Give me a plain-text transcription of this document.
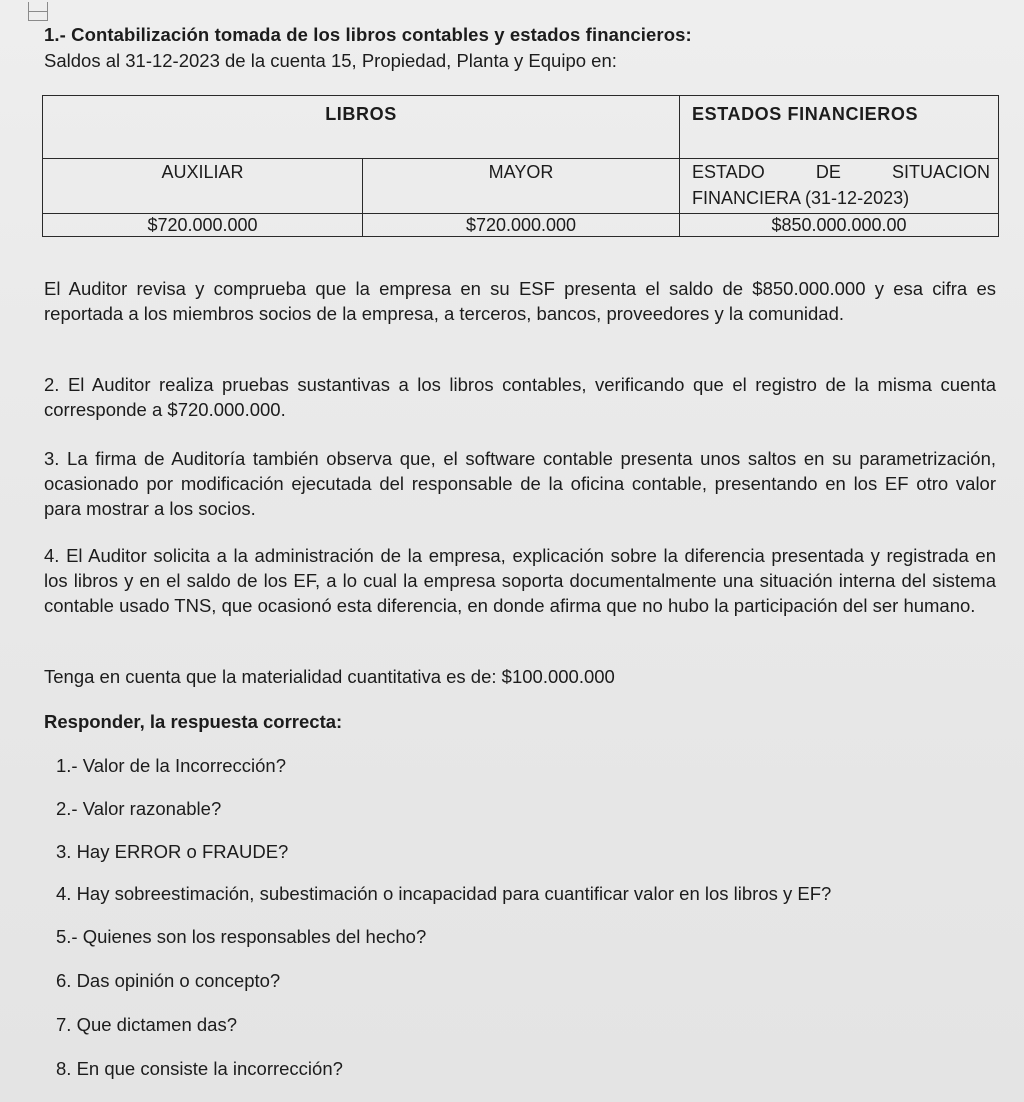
1.- Contabilización tomada de los libros contables y estados financieros:
Saldos al 31-12-2023 de la cuenta 15, Propiedad, Planta y Equipo en:
LIBROS		ESTADOS FINANCIEROS
AUXILIAR	MAYOR	ESTADO DE SITUACION
FINANCIERA (31-12-2023)

$720.000.000	$720.000.000	$850.000.000.00

El Auditor revisa y comprueba que la empresa en su ESF presenta el saldo de $850.000.000 y esa cifra es reportada a los miembros socios de la empresa, a terceros, bancos, proveedores y la comunidad.

2. El Auditor realiza pruebas sustantivas a los libros contables, verificando que el registro de la misma cuenta corresponde a $720.000.000.

3. La firma de Auditoría también observa que, el software contable presenta unos saltos en su parametrización, ocasionado por modificación ejecutada del responsable de la oficina contable, presentando en los EF otro valor para mostrar a los socios.

4. El Auditor solicita a la administración de la empresa, explicación sobre la diferencia presentada y registrada en los libros y en el saldo de los EF, a lo cual la empresa soporta documentalmente una situación interna del sistema contable usado TNS, que ocasionó esta diferencia, en donde afirma que no hubo la participación del ser humano.

Tenga en cuenta que la materialidad cuantitativa es de: $100.000.000

Responder, la respuesta correcta:

1.- Valor de la Incorrección?

2.- Valor razonable?

3. Hay ERROR o FRAUDE?

4. Hay sobreestimación, subestimación o incapacidad para cuantificar valor en los libros y EF?

5.- Quienes son los responsables del hecho?

6. Das opinión o concepto?

7. Que dictamen das?

8. En que consiste la incorrección?
